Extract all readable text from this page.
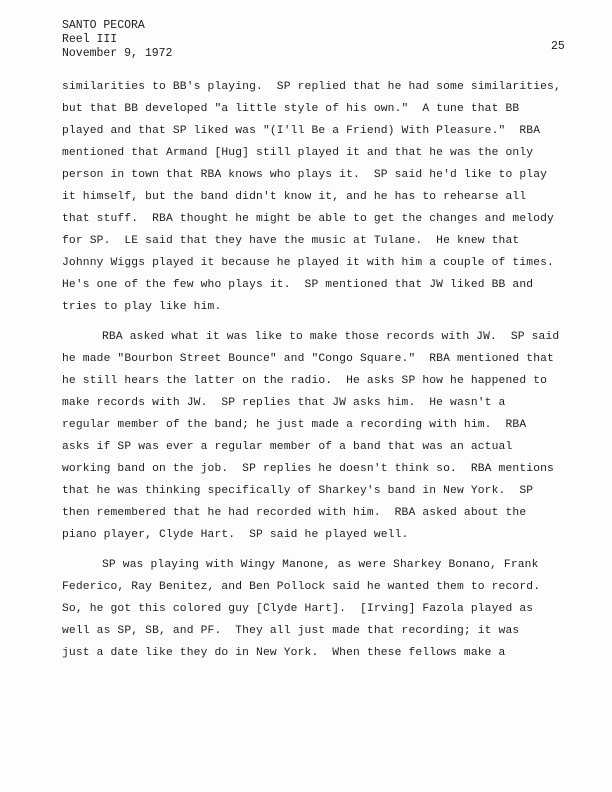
SANTO PECORA
Reel III
November 9, 1972
25
similarities to BB's playing.  SP replied that he had some similarities,
but that BB developed "a little style of his own."  A tune that BB
played and that SP liked was "(I'll Be a Friend) With Pleasure."  RBA
mentioned that Armand [Hug] still played it and that he was the only
person in town that RBA knows who plays it.  SP said he'd like to play
it himself, but the band didn't know it, and he has to rehearse all
that stuff.  RBA thought he might be able to get the changes and melody
for SP.  LE said that they have the music at Tulane.  He knew that
Johnny Wiggs played it because he played it with him a couple of times.
He's one of the few who plays it.  SP mentioned that JW liked BB and
tries to play like him.
RBA asked what it was like to make those records with JW.  SP said
he made "Bourbon Street Bounce" and "Congo Square."  RBA mentioned that
he still hears the latter on the radio.  He asks SP how he happened to
make records with JW.  SP replies that JW asks him.  He wasn't a
regular member of the band; he just made a recording with him.  RBA
asks if SP was ever a regular member of a band that was an actual
working band on the job.  SP replies he doesn't think so.  RBA mentions
that he was thinking specifically of Sharkey's band in New York.  SP
then remembered that he had recorded with him.  RBA asked about the
piano player, Clyde Hart.  SP said he played well.
SP was playing with Wingy Manone, as were Sharkey Bonano, Frank
Federico, Ray Benitez, and Ben Pollock said he wanted them to record.
So, he got this colored guy [Clyde Hart].  [Irving] Fazola played as
well as SP, SB, and PF.  They all just made that recording; it was
just a date like they do in New York.  When these fellows make a
